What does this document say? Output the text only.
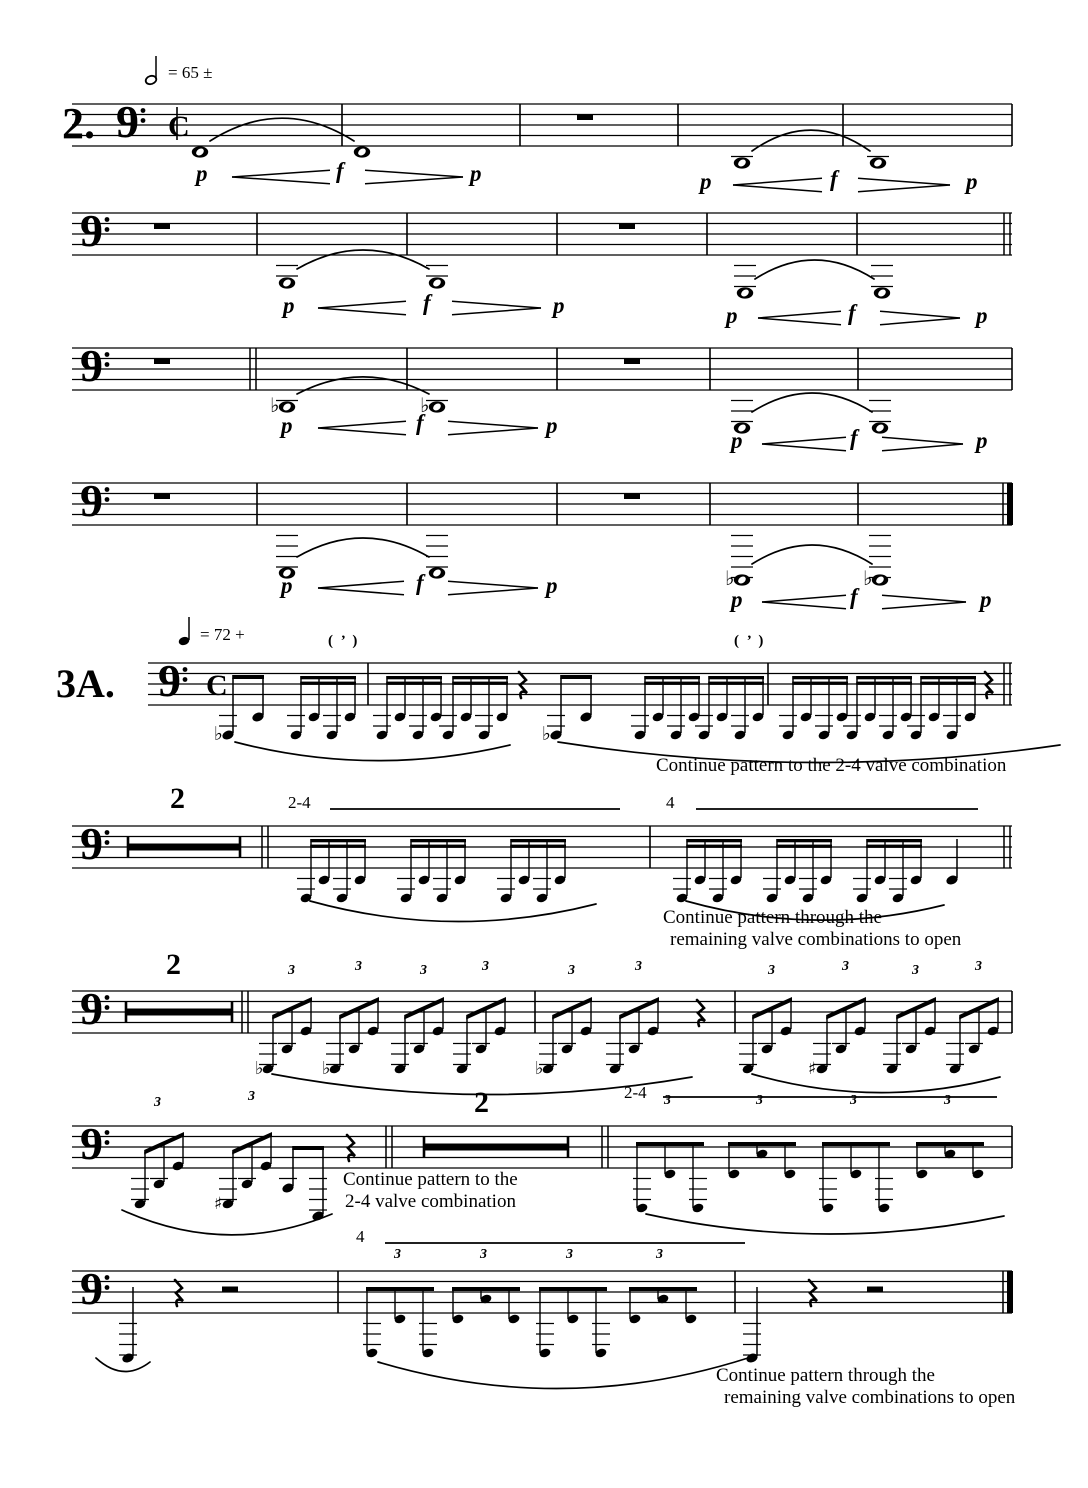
9 C
9
9
♭	♭
9
♭	♭
9 C
♭	♭
9
9
♭	♭	♭	♯
9
♯
9
2.
3A.
= 65 ±
= 72 +	( ’ )	( ’ )
2-4	4
2-4
4
2
2
2
Continue pattern to the 2-4 valve combination
Continue pattern through the
remaining valve combinations to open
Continue pattern to the
2-4 valve combination
Continue pattern through the
remaining valve combinations to open
p	f	p	p	f	p
p	f	p	p	f	p
p	f	p
p	f	p
p	f	p
p	f	p
3	3	3	3	3	3	3	3	3	3
3	3	3	3	3	3
3	3	3	3
